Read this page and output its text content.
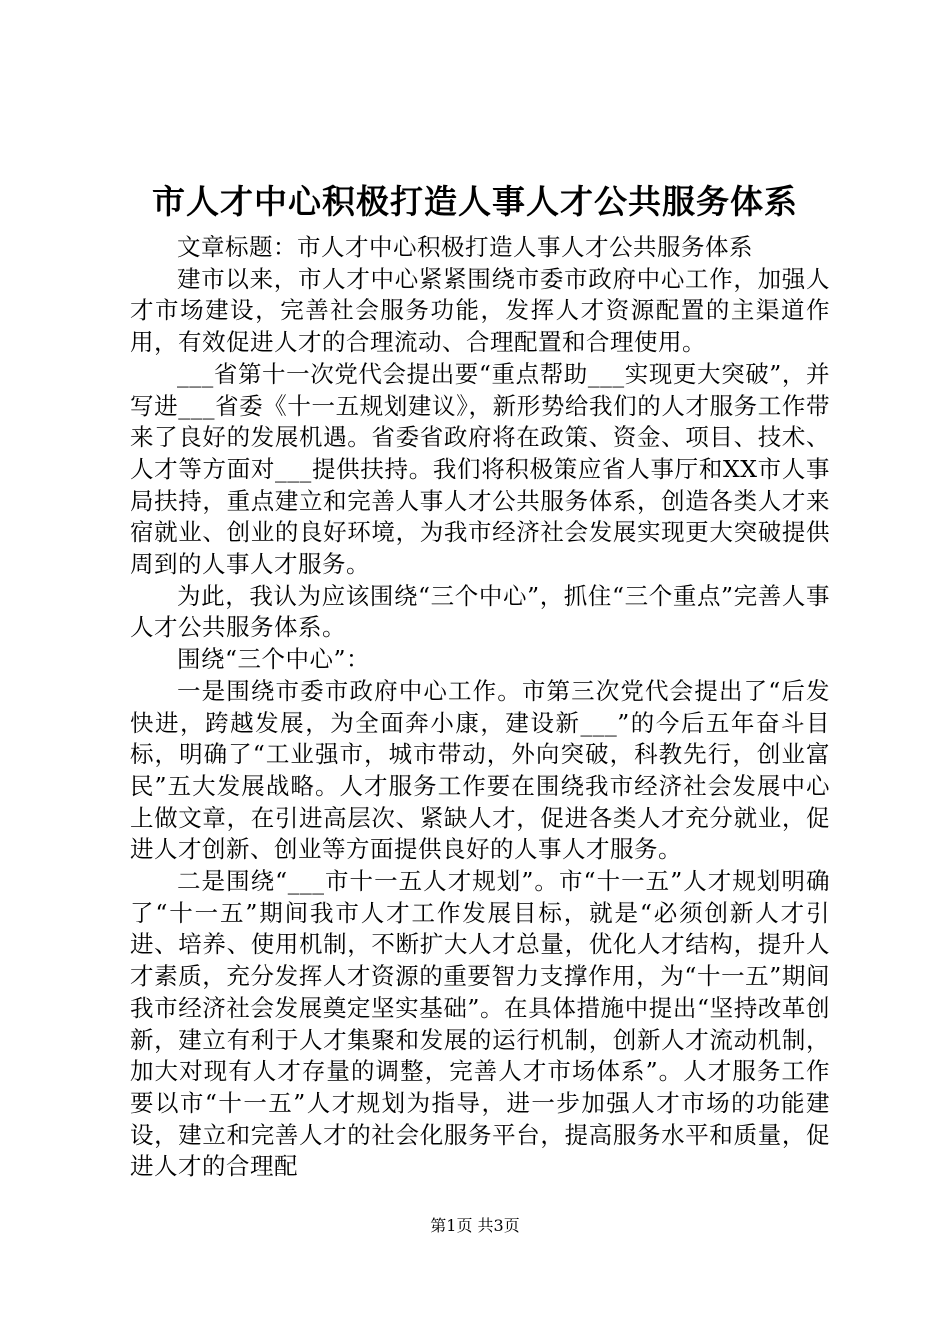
市人才中心积极打造人事人才公共服务体系

文章标题：市人才中心积极打造人事人才公共服务体系

建市以来，市人才中心紧紧围绕市委市政府中心工作，加强人才市场建设，完善社会服务功能，发挥人才资源配置的主渠道作用，有效促进人才的合理流动、合理配置和合理使用。

___省第十一次党代会提出要“重点帮助___实现更大突破”，并写进___省委《十一五规划建议》，新形势给我们的人才服务工作带来了良好的发展机遇。省委省政府将在政策、资金、项目、技术、人才等方面对___提供扶持。我们将积极策应省人事厅和XX市人事局扶持，重点建立和完善人事人才公共服务体系，创造各类人才来宿就业、创业的良好环境，为我市经济社会发展实现更大突破提供周到的人事人才服务。

为此，我认为应该围绕“三个中心”，抓住“三个重点”完善人事人才公共服务体系。

围绕“三个中心”：

一是围绕市委市政府中心工作。市第三次党代会提出了“后发快进，跨越发展，为全面奔小康，建设新___”的今后五年奋斗目标，明确了“工业强市，城市带动，外向突破，科教先行，创业富民”五大发展战略。人才服务工作要在围绕我市经济社会发展中心上做文章，在引进高层次、紧缺人才，促进各类人才充分就业，促进人才创新、创业等方面提供良好的人事人才服务。

二是围绕“___市十一五人才规划”。市“十一五”人才规划明确了“十一五”期间我市人才工作发展目标，就是“必须创新人才引进、培养、使用机制，不断扩大人才总量，优化人才结构，提升人才素质，充分发挥人才资源的重要智力支撑作用，为“十一五”期间我市经济社会发展奠定坚实基础”。在具体措施中提出“坚持改革创新，建立有利于人才集聚和发展的运行机制，创新人才流动机制，加大对现有人才存量的调整，完善人才市场体系”。人才服务工作要以市“十一五”人才规划为指导，进一步加强人才市场的功能建设，建立和完善人才的社会化服务平台，提高服务水平和质量，促进人才的合理配

第1页 共3页
